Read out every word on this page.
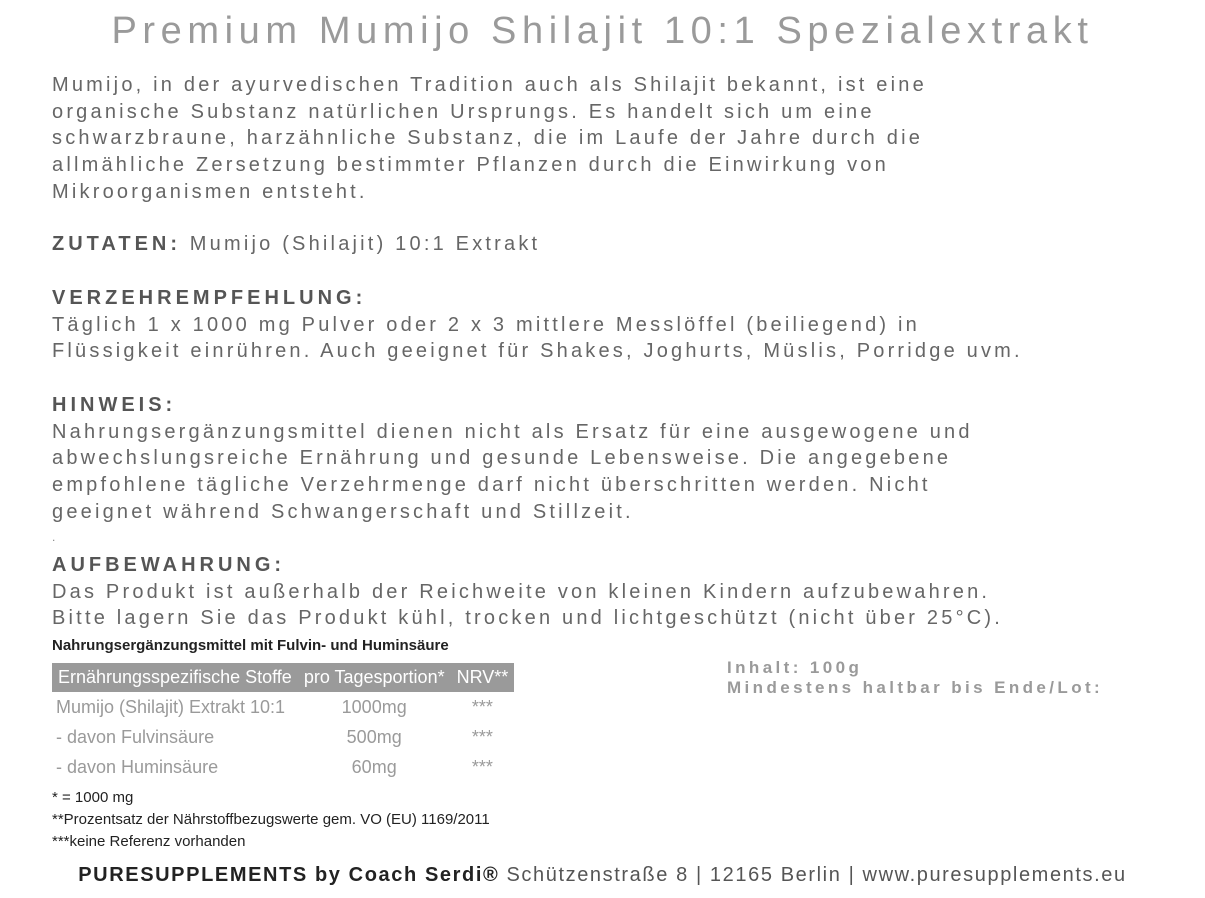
Premium Mumijo Shilajit 10:1 Spezialextrakt
Mumijo, in der ayurvedischen Tradition auch als Shilajit bekannt, ist eine
organische Substanz natürlichen Ursprungs. Es handelt sich um eine
schwarzbraune, harzähnliche Substanz, die im Laufe der Jahre durch die
allmähliche Zersetzung bestimmter Pflanzen durch die Einwirkung von
Mikroorganismen entsteht.
ZUTATEN: Mumijo (Shilajit) 10:1 Extrakt
VERZEHREMPFEHLUNG:
Täglich 1 x 1000 mg Pulver oder 2 x 3 mittlere Messlöffel (beiliegend) in
Flüssigkeit einrühren. Auch geeignet für Shakes, Joghurts, Müslis, Porridge uvm.
HINWEIS:
Nahrungsergänzungsmittel dienen nicht als Ersatz für eine ausgewogene und
abwechslungsreiche Ernährung und gesunde Lebensweise. Die angegebene
empfohlene tägliche Verzehrmenge darf nicht überschritten werden. Nicht
geeignet während Schwangerschaft und Stillzeit.
.
AUFBEWAHRUNG:
Das Produkt ist außerhalb der Reichweite von kleinen Kindern aufzubewahren.
Bitte lagern Sie das Produkt kühl, trocken und lichtgeschützt (nicht über 25°C).
Nahrungsergänzungsmittel mit Fulvin- und Huminsäure
Ernährungsspezifische Stoffe	pro Tagesportion*	NRV**
Mumijo (Shilajit) Extrakt 10:1	1000mg	***
- davon Fulvinsäure	500mg	***
- davon Huminsäure	60mg	***
* = 1000 mg
**Prozentsatz der Nährstoffbezugswerte gem. VO (EU) 1169/2011
***keine Referenz vorhanden
Inhalt: 100g
Mindestens haltbar bis Ende/Lot:
PURESUPPLEMENTS by Coach Serdi® Schützenstraße 8 | 12165 Berlin | www.puresupplements.eu
